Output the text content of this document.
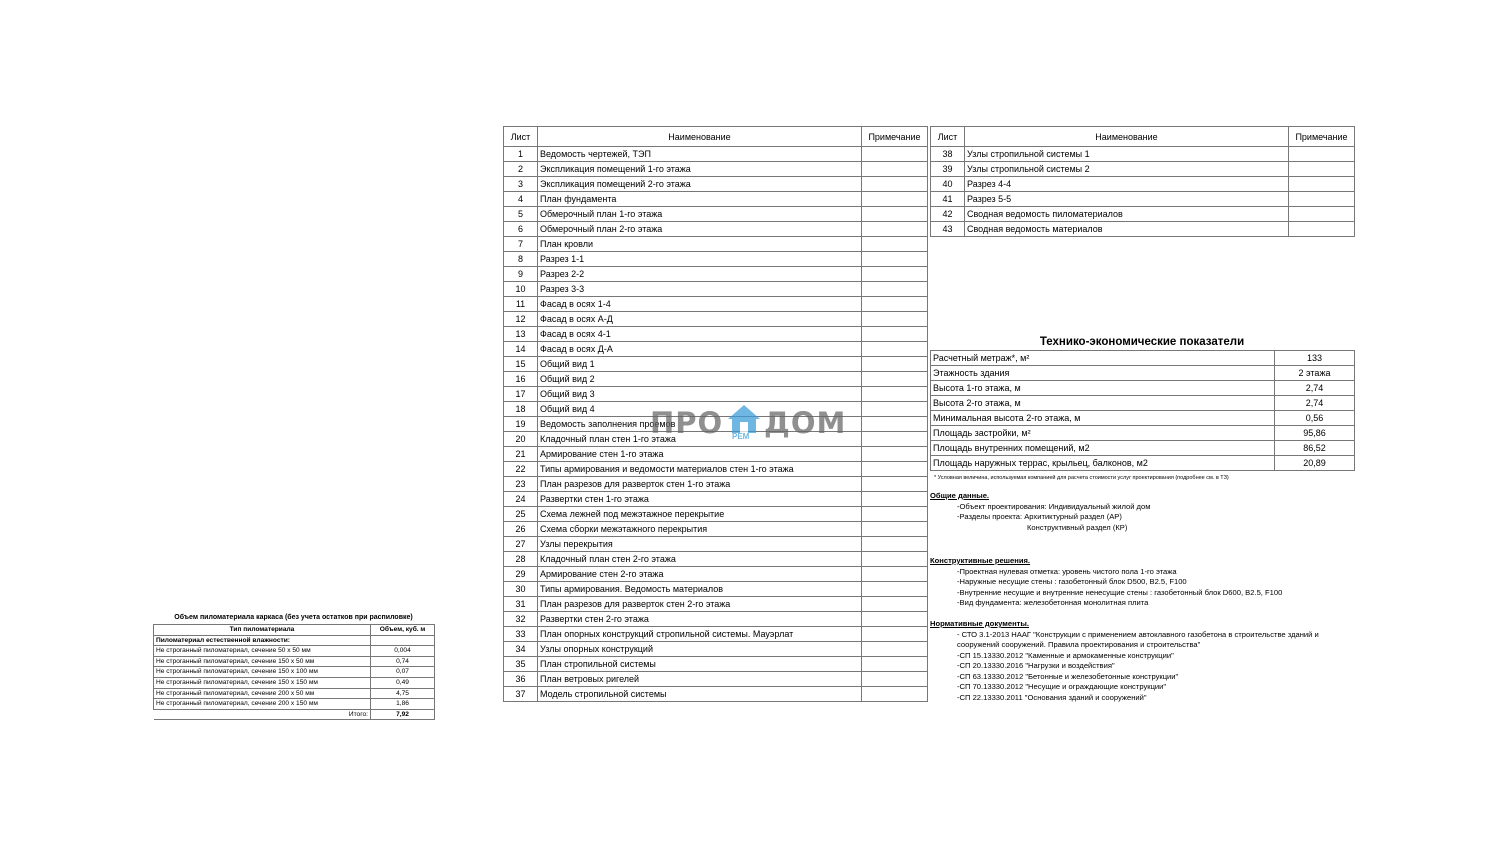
Лист	Наименование	Примечание
1	Ведомость чертежей, ТЭП	
2	Экспликация помещений 1-го этажа	
3	Экспликация помещений 2-го этажа	
4	План фундамента	
5	Обмерочный план 1-го этажа	
6	Обмерочный план 2-го этажа	
7	План кровли	
8	Разрез 1-1	
9	Разрез 2-2	
10	Разрез 3-3	
11	Фасад в осях 1-4	
12	Фасад в осях А-Д	
13	Фасад в осях 4-1	
14	Фасад в осях Д-А	
15	Общий вид 1	
16	Общий вид 2	
17	Общий вид 3	
18	Общий вид 4	
19	Ведомость заполнения проемов	
20	Кладочный план стен 1-го этажа	
21	Армирование стен 1-го этажа	
22	Типы армирования и ведомости материалов стен 1-го этажа	
23	План разрезов для разверток стен 1-го этажа	
24	Развертки стен 1-го этажа	
25	Схема лежней под межэтажное перекрытие	
26	Схема сборки межэтажного перекрытия	
27	Узлы перекрытия	
28	Кладочный план стен 2-го этажа	
29	Армирование стен 2-го этажа	
30	Типы армирования. Ведомость материалов	
31	План разрезов для разверток стен 2-го этажа	
32	Развертки стен 2-го этажа	
33	План опорных конструкций стропильной системы. Мауэрлат	
34	Узлы опорных конструкций	
35	План стропильной системы	
36	План ветровых ригелей	
37	Модель стропильной системы	
Лист	Наименование	Примечание
38	Узлы стропильной системы 1	
39	Узлы стропильной системы 2	
40	Разрез 4-4	
41	Разрез 5-5	
42	Сводная ведомость пиломатериалов	
43	Сводная ведомость материалов	
ПРО РЕМ ДОМ
Технико-экономические показатели
Расчетный метраж*, м²	133
Этажность здания	2 этажа
Высота 1-го этажа, м	2,74
Высота 2-го этажа, м	2,74
Минимальная высота 2-го этажа, м	0,56
Площадь застройки, м²	95,86
Площадь внутренних помещений, м2	86,52
Площадь наружных террас, крыльец, балконов, м2	20,89
* Условная величина, используемая компанией для расчета стоимости услуг проектирования (подробнее см. в ТЗ)
Общие данные.
-Объект проектирования: Индивидуальный жилой дом
-Разделы проекта: Архитиктурный раздел (АР)
Конструктивный раздел (КР)
Конструктивные решения.
-Проектная нулевая отметка: уровень чистого пола 1-го этажа
-Наружные несущие стены : газобетонный блок D500, B2.5, F100
-Внутренние несущие и внутренние ненесущие стены : газобетонный блок D600, B2.5, F100
-Вид фундамента: железобетонная монолитная плита
Нормативные документы.
- СТО 3.1-2013 НААГ "Конструкции с применением автоклавного газобетона в строительстве зданий и
сооружений сооружений. Правила проектирования и строительства"
-СП 15.13330.2012 "Каменные и армокаменные конструкции"
-СП 20.13330.2016 "Нагрузки и воздействия"
-СП 63.13330.2012 "Бетонные и железобетонные конструкции"
-СП 70.13330.2012 "Несущие и ограждающие конструкции"
-СП 22.13330.2011 "Основания зданий и сооружений"
Объем пиломатериала каркаса (без учета остатков при распиловке)
Тип пиломатериала	Объем, куб. м
Пиломатериал естественной влажности:	
Не строганный пиломатериал, сечение 50 x 50 мм	0,004
Не строганный пиломатериал, сечение 150 x 50 мм	0,74
Не строганный пиломатериал, сечение 150 x 100 мм	0,07
Не строганный пиломатериал, сечение 150 x 150 мм	0,49
Не строганный пиломатериал, сечение 200 x 50 мм	4,75
Не строганный пиломатериал, сечение 200 x 150 мм	1,86
Итого:	7,92
